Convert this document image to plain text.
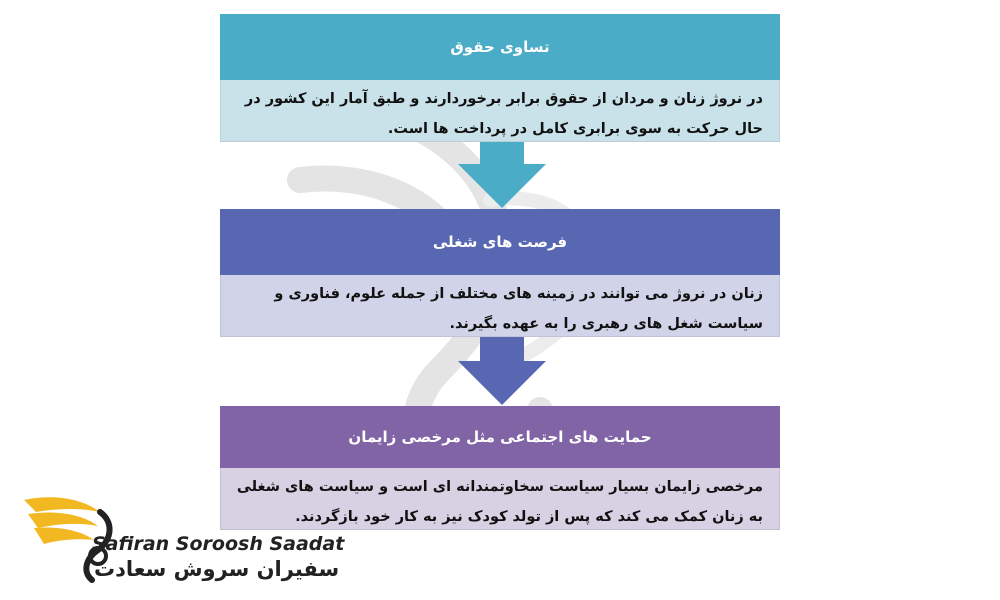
تساوی حقوق
در نروژ زنان و مردان از حقوق برابر برخوردارند و طبق آمار این کشور در حال حرکت به سوی برابری کامل در پرداخت ها است.
فرصت های شغلی
زنان در نروژ می توانند در زمینه های مختلف از جمله علوم، فناوری و سیاست شغل های رهبری را به عهده بگیرند.
حمایت های اجتماعی مثل مرخصی زایمان
مرخصی زایمان بسیار سیاست سخاوتمندانه ای است و سیاست های شغلی به زنان کمک می کند که پس از تولد کودک نیز به کار خود بازگردند.
Safiran Soroosh Saadat
سفیران سروش سعادت
